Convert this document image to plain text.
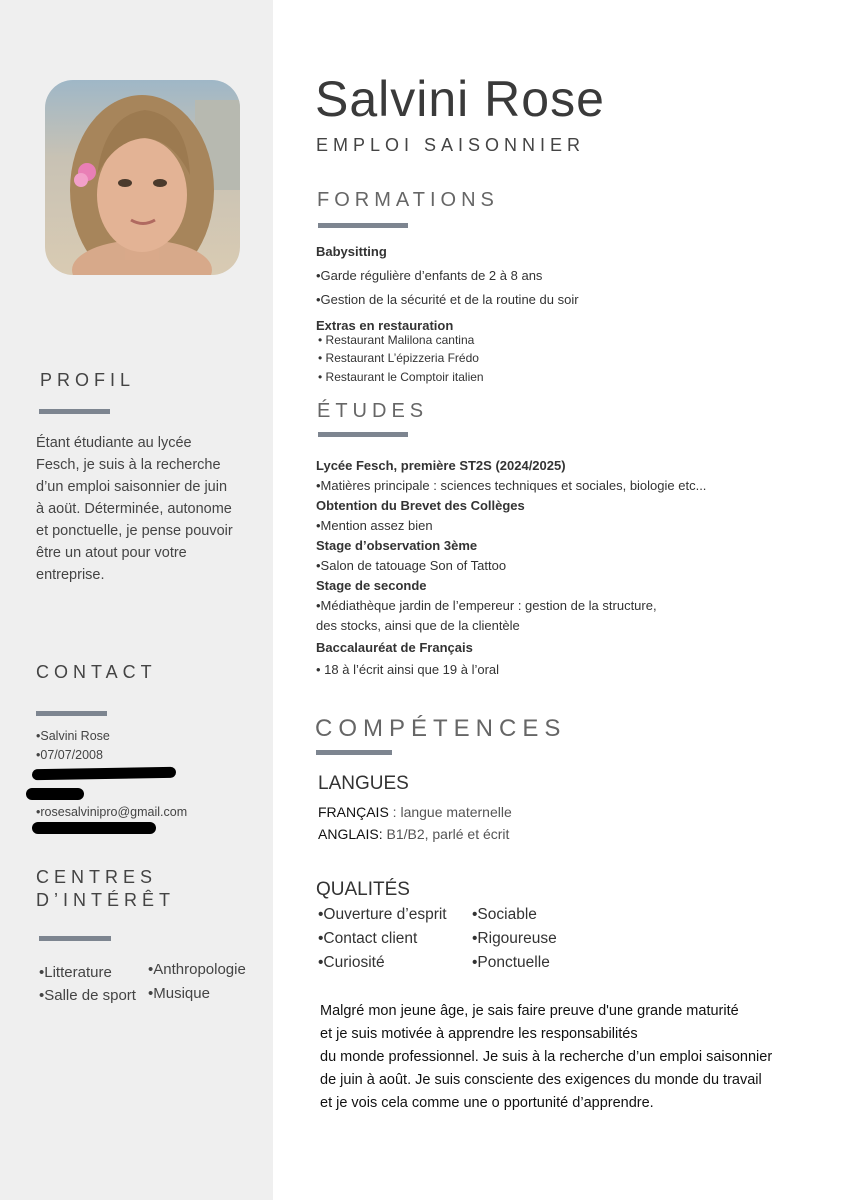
PROFIL
Étant étudiante au lycée
Fesch, je suis à la recherche
d’un emploi saisonnier de juin
à aoüt. Déterminée, autonome
et ponctuelle, je pense pouvoir
être un atout pour votre
entreprise.
CONTACT
•Salvini Rose
•07/07/2008
•rosesalvinipro@gmail.com
CENTRES
D’INTÉRÊT
•Litterature
•Salle de sport
•Anthropologie
•Musique
Salvini Rose
EMPLOI SAISONNIER
FORMATIONS
Babysitting
•Garde régulière d’enfants de 2 à 8 ans
•Gestion de la sécurité et de la routine du soir
Extras en restauration
• Restaurant Malilona cantina
• Restaurant L’épizzeria Frédo
• Restaurant le Comptoir italien
ÉTUDES
Lycée Fesch, première ST2S (2024/2025)
•Matières principale : sciences techniques et sociales, biologie etc...
Obtention du Brevet des Collèges
•Mention assez bien
Stage d’observation 3ème
•Salon de tatouage Son of Tattoo
Stage de seconde
•Médiathèque jardin de l’empereur : gestion de la structure,
des stocks, ainsi que de la clientèle
Baccalauréat de Français
• 18 à l’écrit ainsi que 19 à l’oral
COMPÉTENCES
LANGUES
FRANÇAIS : langue maternelle
ANGLAIS: B1/B2, parlé et écrit
QUALITÉS
•Ouverture d’esprit
•Contact client
•Curiosité
•Sociable
•Rigoureuse
•Ponctuelle
Malgré mon jeune âge, je sais faire preuve d'une grande maturité
et je suis motivée à apprendre les responsabilités
du monde professionnel. Je suis à la recherche d’un emploi saisonnier
de juin à août. Je suis consciente des exigences du monde du travail
et je vois cela comme une o pportunité d’apprendre.
